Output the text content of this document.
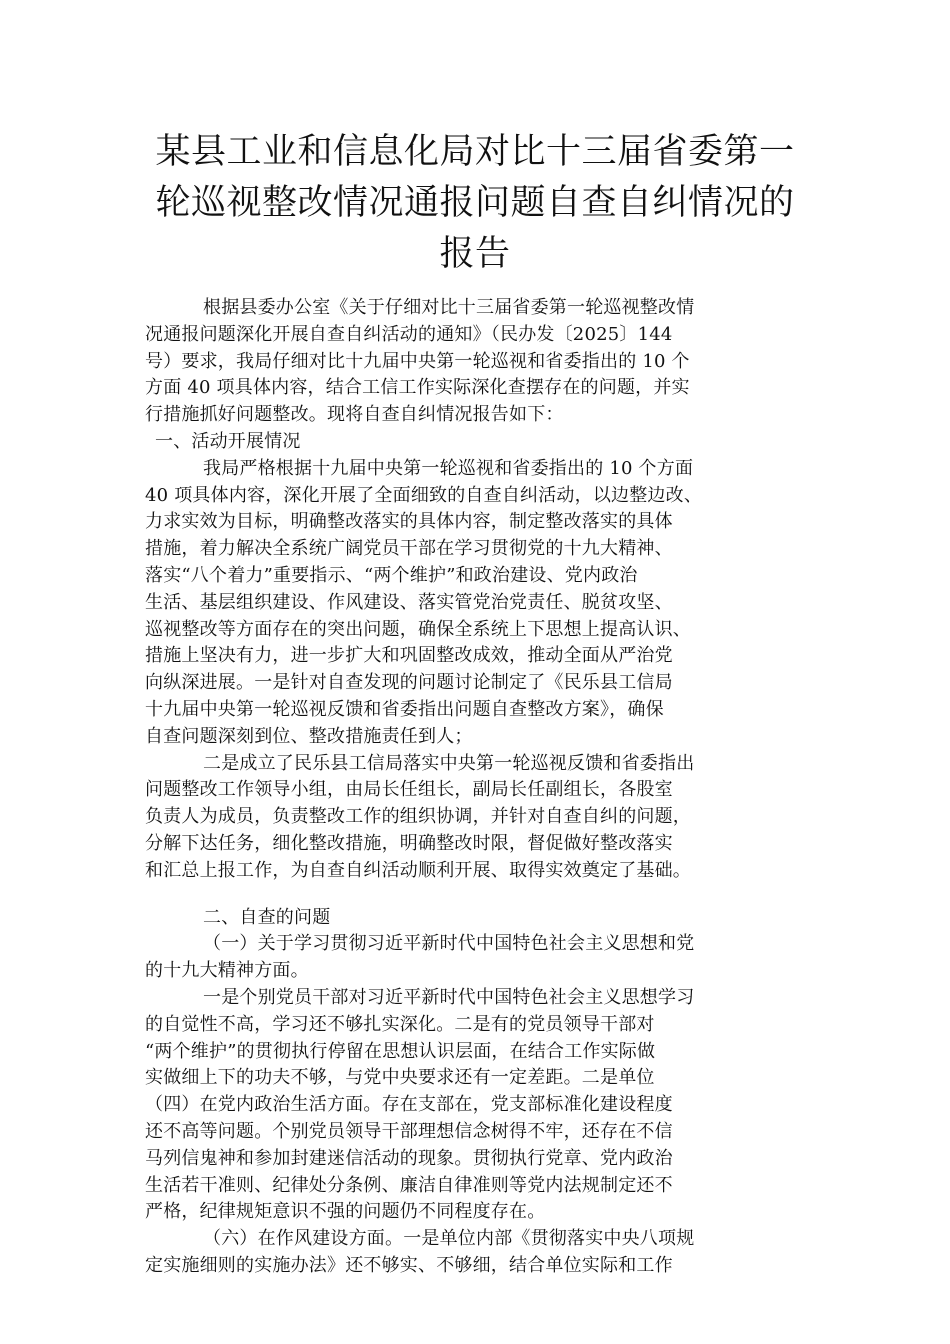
某县工业和信息化局对比十三届省委第一
轮巡视整改情况通报问题自查自纠情况的
报告
根据县委办公室《关于仔细对比十三届省委第一轮巡视整改情
况通报问题深化开展自查自纠活动的通知》（民办发〔2025〕144
号）要求，我局仔细对比十九届中央第一轮巡视和省委指出的 10 个
方面 40 项具体内容，结合工信工作实际深化查摆存在的问题，并实
行措施抓好问题整改。现将自查自纠情况报告如下：
一、活动开展情况
我局严格根据十九届中央第一轮巡视和省委指出的 10 个方面
40 项具体内容，深化开展了全面细致的自查自纠活动，以边整边改、
力求实效为目标，明确整改落实的具体内容，制定整改落实的具体
措施，着力解决全系统广阔党员干部在学习贯彻党的十九大精神、
落实“八个着力”重要指示、“两个维护”和政治建设、党内政治
生活、基层组织建设、作风建设、落实管党治党责任、脱贫攻坚、
巡视整改等方面存在的突出问题，确保全系统上下思想上提高认识、
措施上坚决有力，进一步扩大和巩固整改成效，推动全面从严治党
向纵深进展。一是针对自查发现的问题讨论制定了《民乐县工信局
十九届中央第一轮巡视反馈和省委指出问题自查整改方案》，确保
自查问题深刻到位、整改措施责任到人；
二是成立了民乐县工信局落实中央第一轮巡视反馈和省委指出
问题整改工作领导小组，由局长任组长，副局长任副组长，各股室
负责人为成员，负责整改工作的组织协调，并针对自查自纠的问题，
分解下达任务，细化整改措施，明确整改时限，督促做好整改落实
和汇总上报工作，为自查自纠活动顺利开展、取得实效奠定了基础。
二、自查的问题
（一）关于学习贯彻习近平新时代中国特色社会主义思想和党
的十九大精神方面。
一是个别党员干部对习近平新时代中国特色社会主义思想学习
的自觉性不高，学习还不够扎实深化。二是有的党员领导干部对
“两个维护”的贯彻执行停留在思想认识层面，在结合工作实际做
实做细上下的功夫不够，与党中央要求还有一定差距。二是单位
（四）在党内政治生活方面。存在支部在，党支部标准化建设程度
还不高等问题。个别党员领导干部理想信念树得不牢，还存在不信
马列信鬼神和参加封建迷信活动的现象。贯彻执行党章、党内政治
生活若干准则、纪律处分条例、廉洁自律准则等党内法规制定还不
严格，纪律规矩意识不强的问题仍不同程度存在。
（六）在作风建设方面。一是单位内部《贯彻落实中央八项规
定实施细则的实施办法》还不够实、不够细，结合单位实际和工作
